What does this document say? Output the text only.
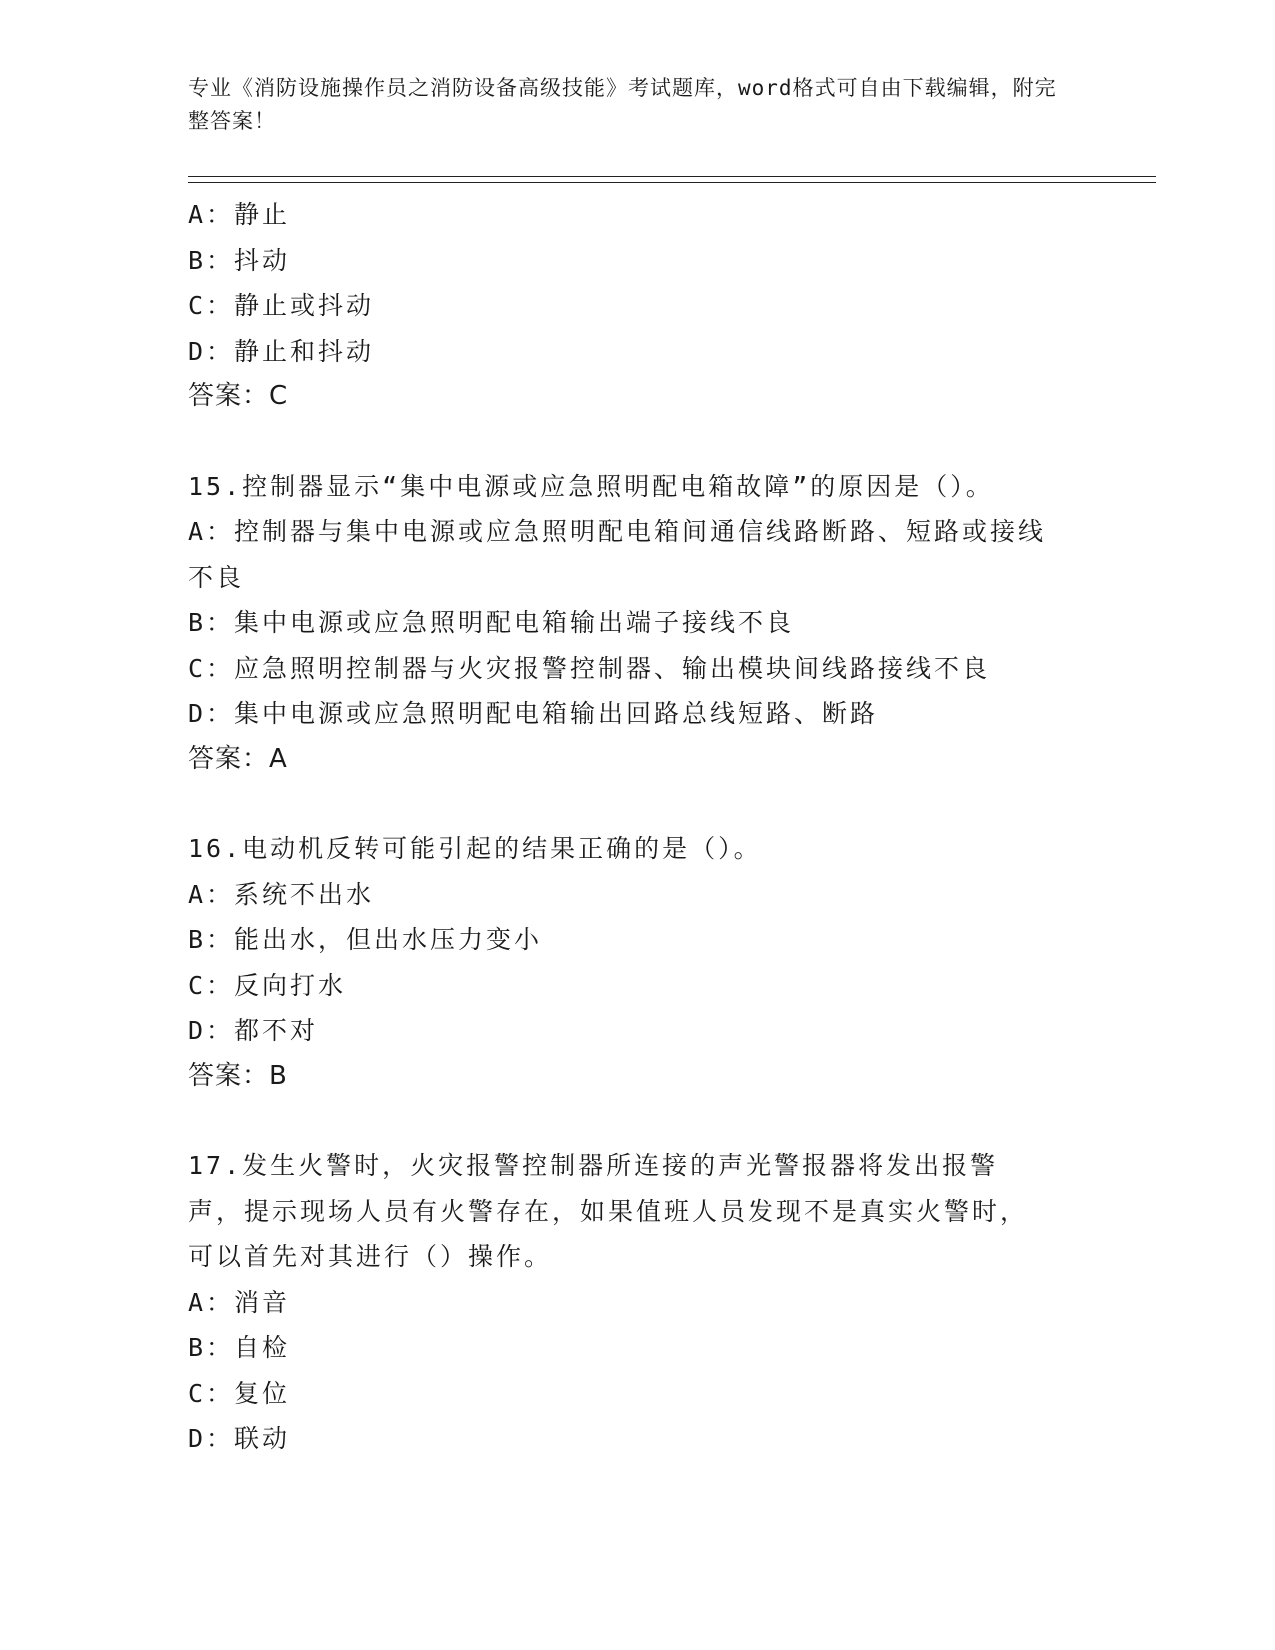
专业《消防设施操作员之消防设备高级技能》考试题库，word格式可自由下载编辑，附完整答案！
A：静止
B：抖动
C：静止或抖动
D：静止和抖动
答案：C
15.控制器显示“集中电源或应急照明配电箱故障”的原因是（）。
A：控制器与集中电源或应急照明配电箱间通信线路断路、短路或接线不良
B：集中电源或应急照明配电箱输出端子接线不良
C：应急照明控制器与火灾报警控制器、输出模块间线路接线不良
D：集中电源或应急照明配电箱输出回路总线短路、断路
答案：A
16.电动机反转可能引起的结果正确的是（）。
A：系统不出水
B：能出水，但出水压力变小
C：反向打水
D：都不对
答案：B
17.发生火警时，火灾报警控制器所连接的声光警报器将发出报警声，提示现场人员有火警存在，如果值班人员发现不是真实火警时，可以首先对其进行（）操作。
A：消音
B：自检
C：复位
D：联动
